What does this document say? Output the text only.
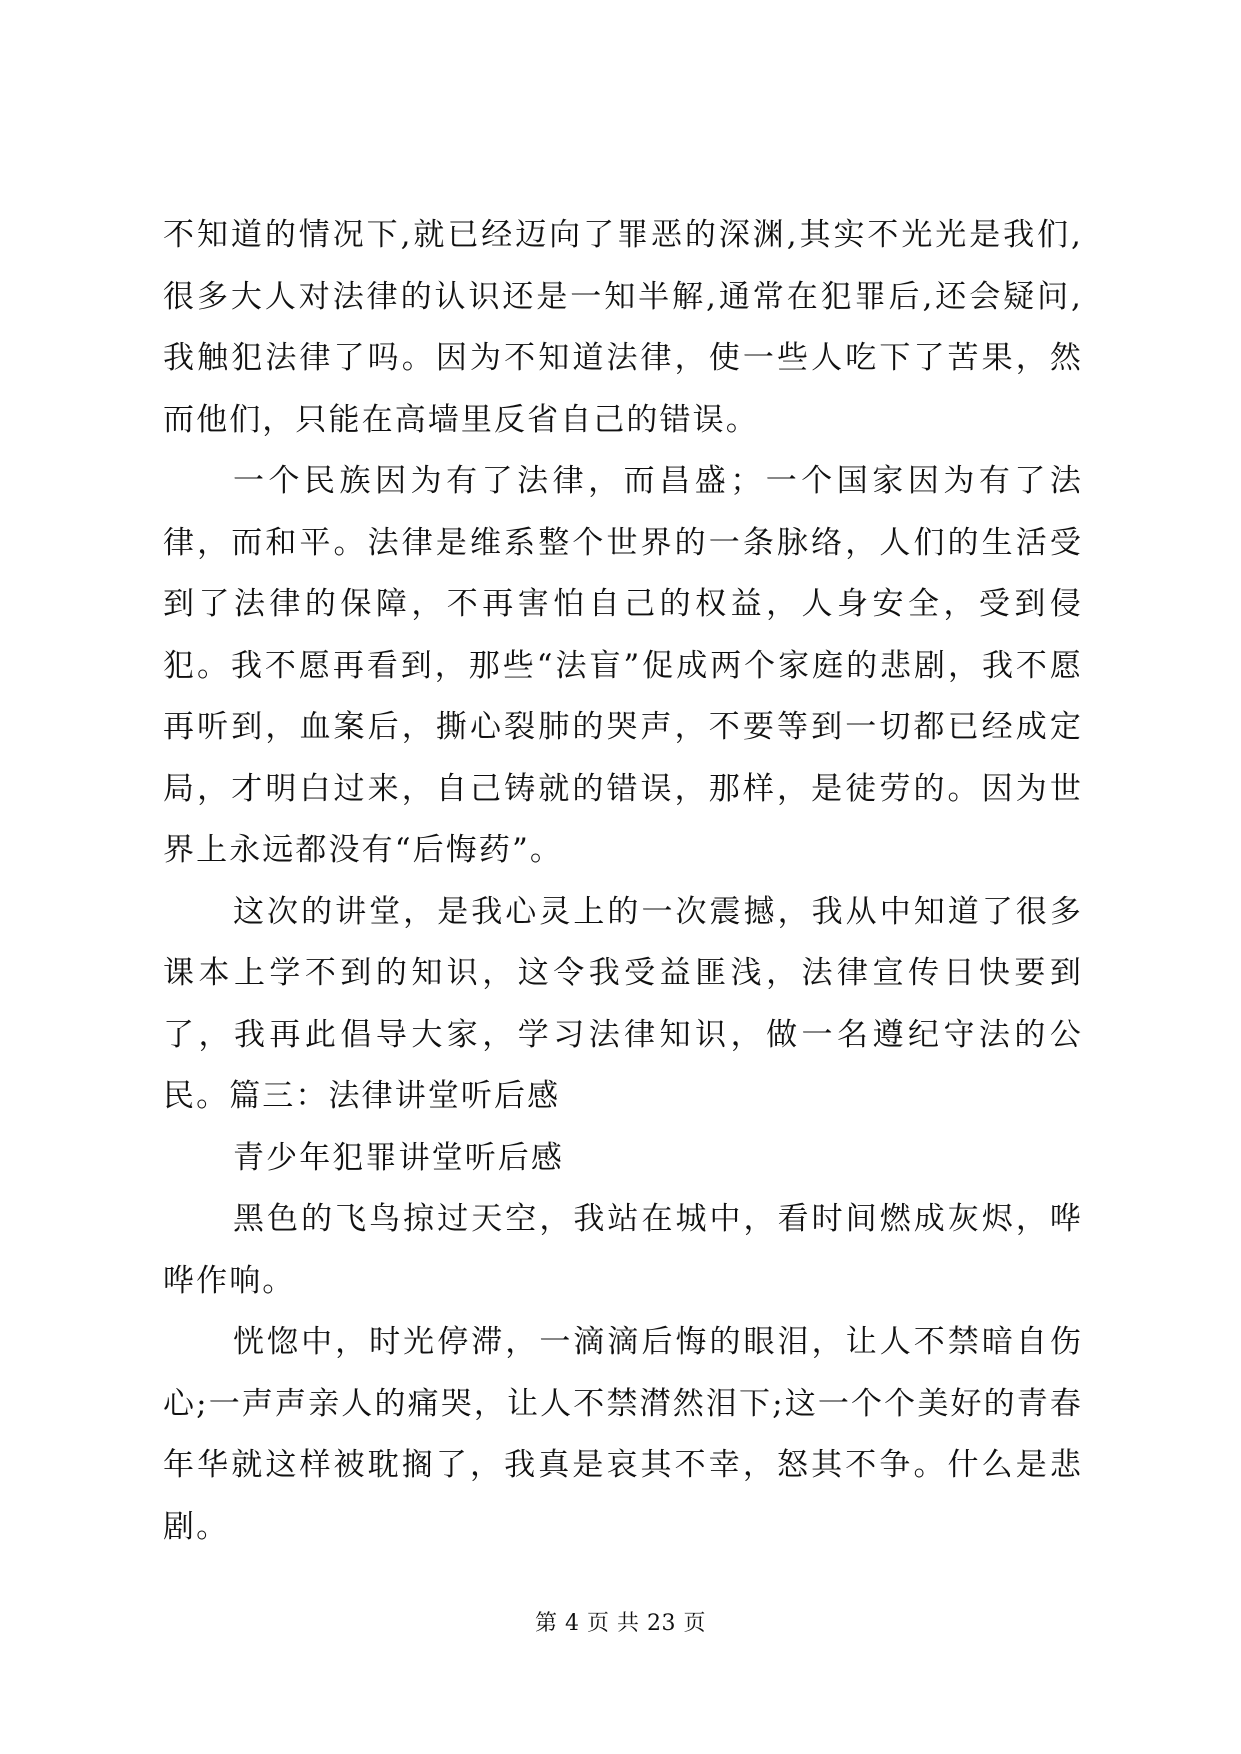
不知道的情况下,就已经迈向了罪恶的深渊,其实不光光是我们,很多大人对法律的认识还是一知半解,通常在犯罪后,还会疑问,我触犯法律了吗。因为不知道法律，使一些人吃下了苦果，然而他们，只能在高墙里反省自己的错误。

一个民族因为有了法律，而昌盛；一个国家因为有了法律，而和平。法律是维系整个世界的一条脉络，人们的生活受到了法律的保障，不再害怕自己的权益，人身安全，受到侵犯。我不愿再看到，那些“法盲”促成两个家庭的悲剧，我不愿再听到，血案后，撕心裂肺的哭声，不要等到一切都已经成定局，才明白过来，自己铸就的错误，那样，是徒劳的。因为世界上永远都没有“后悔药”。

这次的讲堂，是我心灵上的一次震撼，我从中知道了很多课本上学不到的知识，这令我受益匪浅，法律宣传日快要到了，我再此倡导大家，学习法律知识，做一名遵纪守法的公民。篇三：法律讲堂听后感

青少年犯罪讲堂听后感

黑色的飞鸟掠过天空，我站在城中，看时间燃成灰烬，哗哗作响。

恍惚中，时光停滞，一滴滴后悔的眼泪，让人不禁暗自伤心;一声声亲人的痛哭，让人不禁潸然泪下;这一个个美好的青春年华就这样被耽搁了，我真是哀其不幸，怒其不争。什么是悲剧。

第 4 页 共 23 页
